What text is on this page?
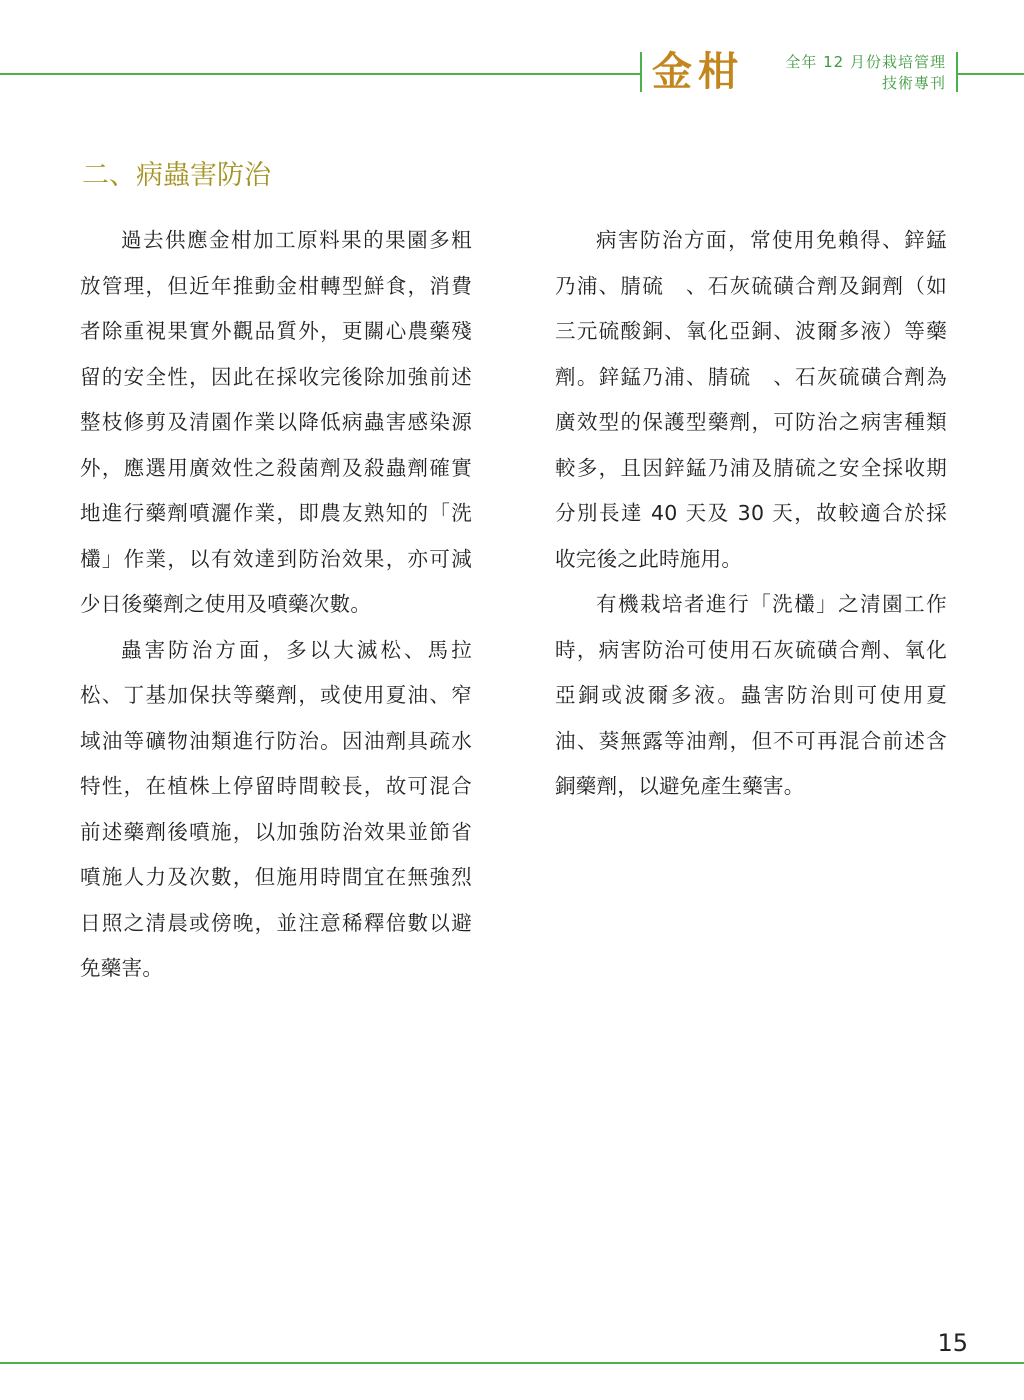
金柑	全年 12 月份栽培管理
技術專刊
二、病蟲害防治

過去供應金柑加工原料果的果園多粗放管理，但近年推動金柑轉型鮮食，消費者除重視果實外觀品質外，更關心農藥殘留的安全性，因此在採收完後除加強前述整枝修剪及清園作業以降低病蟲害感染源外，應選用廣效性之殺菌劑及殺蟲劑確實地進行藥劑噴灑作業，即農友熟知的「洗欉」作業，以有效達到防治效果，亦可減少日後藥劑之使用及噴藥次數。

蟲害防治方面，多以大滅松、馬拉松、丁基加保扶等藥劑，或使用夏油、窄域油等礦物油類進行防治。因油劑具疏水特性，在植株上停留時間較長，故可混合前述藥劑後噴施，以加強防治效果並節省噴施人力及次數，但施用時間宜在無強烈日照之清晨或傍晚，並注意稀釋倍數以避免藥害。

病害防治方面，常使用免賴得、鋅錳乃浦、腈硫　、石灰硫磺合劑及銅劑（如三元硫酸銅、氧化亞銅、波爾多液）等藥劑。鋅錳乃浦、腈硫　、石灰硫磺合劑為廣效型的保護型藥劑，可防治之病害種類較多，且因鋅錳乃浦及腈硫之安全採收期分別長達 40 天及 30 天，故較適合於採收完後之此時施用。

有機栽培者進行「洗欉」之清園工作時，病害防治可使用石灰硫磺合劑、氧化亞銅或波爾多液。蟲害防治則可使用夏油、葵無露等油劑，但不可再混合前述含銅藥劑，以避免產生藥害。

15
